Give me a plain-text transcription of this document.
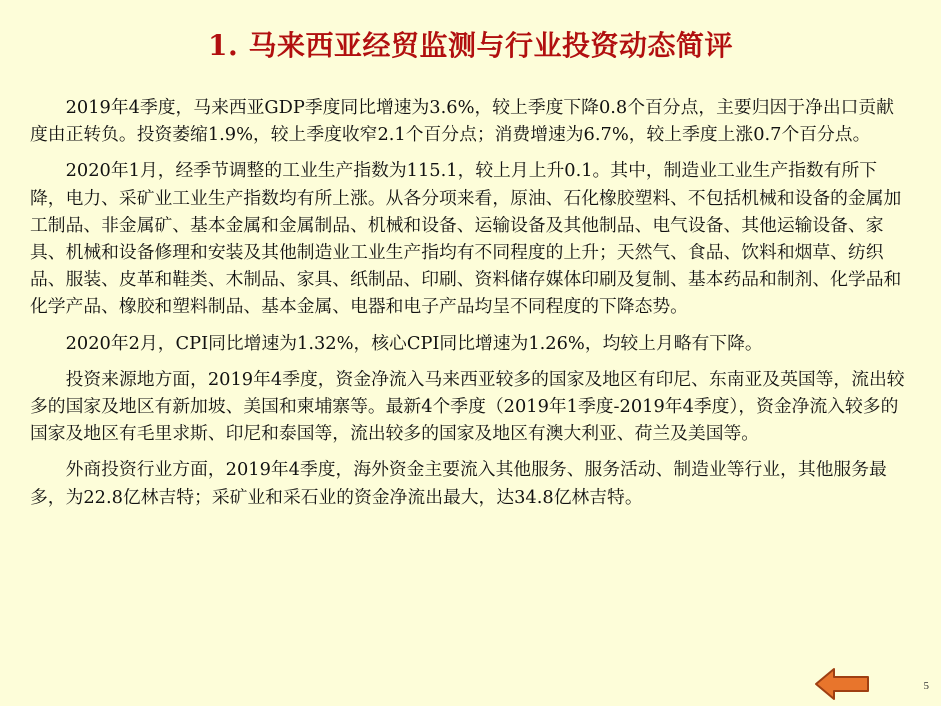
1. 马来西亚经贸监测与行业投资动态简评

2019年4季度，马来西亚GDP季度同比增速为3.6%，较上季度下降0.8个百分点，主要归因于净出口贡献度由正转负。投资萎缩1.9%，较上季度收窄2.1个百分点；消费增速为6.7%，较上季度上涨0.7个百分点。

2020年1月，经季节调整的工业生产指数为115.1，较上月上升0.1。其中，制造业工业生产指数有所下降，电力、采矿业工业生产指数均有所上涨。从各分项来看，原油、石化橡胶塑料、不包括机械和设备的金属加工制品、非金属矿、基本金属和金属制品、机械和设备、运输设备及其他制品、电气设备、其他运输设备、家具、机械和设备修理和安装及其他制造业工业生产指均有不同程度的上升；天然气、食品、饮料和烟草、纺织品、服装、皮革和鞋类、木制品、家具、纸制品、印刷、资料储存媒体印刷及复制、基本药品和制剂、化学品和化学产品、橡胶和塑料制品、基本金属、电器和电子产品均呈不同程度的下降态势。

2020年2月，CPI同比增速为1.32%，核心CPI同比增速为1.26%，均较上月略有下降。

投资来源地方面，2019年4季度，资金净流入马来西亚较多的国家及地区有印尼、东南亚及英国等，流出较多的国家及地区有新加坡、美国和柬埔寨等。最新4个季度（2019年1季度-2019年4季度），资金净流入较多的国家及地区有毛里求斯、印尼和泰国等，流出较多的国家及地区有澳大利亚、荷兰及美国等。

外商投资行业方面，2019年4季度，海外资金主要流入其他服务、服务活动、制造业等行业，其他服务最多，为22.8亿林吉特；采矿业和采石业的资金净流出最大，达34.8亿林吉特。

5
